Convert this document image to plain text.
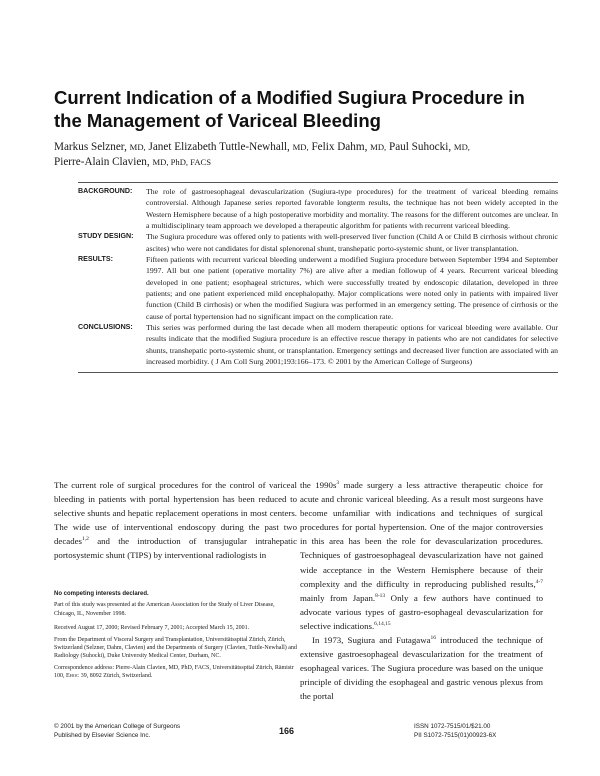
Current Indication of a Modified Sugiura Procedure in the Management of Variceal Bleeding

Markus Selzner, MD, Janet Elizabeth Tuttle-Newhall, MD, Felix Dahm, MD, Paul Suhocki, MD,
Pierre-Alain Clavien, MD, PhD, FACS

BACKGROUND:	The role of gastroesophageal devascularization (Sugiura-type procedures) for the treatment of variceal bleeding remains controversial. Although Japanese series reported favorable longterm results, the technique has not been widely accepted in the Western Hemisphere because of a high postoperative morbidity and mortality. The reasons for the different outcomes are unclear. In a multidisciplinary team approach we developed a therapeutic algorithm for patients with recurrent variceal bleeding.
STUDY DESIGN:	The Sugiura procedure was offered only to patients with well-preserved liver function (Child A or Child B cirrhosis without chronic ascites) who were not candidates for distal splenorenal shunt, transhepatic porto-systemic shunt, or liver transplantation.
RESULTS:	Fifteen patients with recurrent variceal bleeding underwent a modified Sugiura procedure between September 1994 and September 1997. All but one patient (operative mortality 7%) are alive after a median followup of 4 years. Recurrent variceal bleeding developed in one patient; esophageal strictures, which were successfully treated by endoscopic dilatation, developed in three patients; and one patient experienced mild encephalopathy. Major complications were noted only in patients with impaired liver function (Child B cirrhosis) or when the modified Sugiura was performed in an emergency setting. The presence of cirrhosis or the cause of portal hypertension had no significant impact on the complication rate.
CONCLUSIONS:	This series was performed during the last decade when all modern therapeutic options for variceal bleeding were available. Our results indicate that the modified Sugiura procedure is an effective rescue therapy in patients who are not candidates for selective shunts, transhepatic porto-systemic shunt, or transplantation. Emergency settings and decreased liver function are associated with an increased morbidity. ( J Am Coll Surg 2001;193:166–173. © 2001 by the American College of Surgeons)

The current role of surgical procedures for the control of variceal bleeding in patients with portal hypertension has been reduced to selective shunts and hepatic replacement operations in most centers. The wide use of interventional endoscopy during the past two decades$^{1,2}$ and the introduction of transjugular intrahepatic portosystemic shunt (TIPS) by interventional radiologists in

No competing interests declared.

Part of this study was presented at the American Association for the Study of Liver Disease, Chicago, IL, November 1998.

Received August 17, 2000; Revised February 7, 2001; Accepted March 15, 2001.

From the Department of Visceral Surgery and Transplantation, Universitätsspital Zürich, Zürich, Switzerland (Selzner, Dahm, Clavien) and the Departments of Surgery (Clavien, Tuttle-Newhall) and Radiology (Suhocki), Duke University Medical Center, Durham, NC.

Correspondence address: Pierre-Alain Clavien, MD, PhD, FACS, Universitätsspital Zürich, Rämistr 100, EHOC 39, 8092 Zürich, Switzerland.

the $1990s^3$ made surgery a less attractive therapeutic choice for acute and chronic variceal bleeding. As a result most surgeons have become unfamiliar with indications and techniques of surgical procedures for portal hypertension. One of the major controversies in this area has been the role for devascularization procedures. Techniques of gastroesophageal devascularization have not gained wide acceptance in the Western Hemisphere because of their complexity and the difficulty in reproducing published results,$^{4-7}$ mainly from Japan.$^{8-13}$ Only a few authors have continued to advocate various types of gastro-esophageal devascularization for selective indications.$^{6,14,15}$

In 1973, Sugiura and Futagawa$^{16}$ introduced the technique of extensive gastroesophageal devascularization for the treatment of esophageal varices. The Sugiura procedure was based on the unique principle of dividing the esophageal and gastric venous plexus from the portal

© 2001 by the American College of Surgeons
Published by Elsevier Science Inc.	166	ISSN 1072-7515/01/$21.00
PII S1072-7515(01)00923-6X
